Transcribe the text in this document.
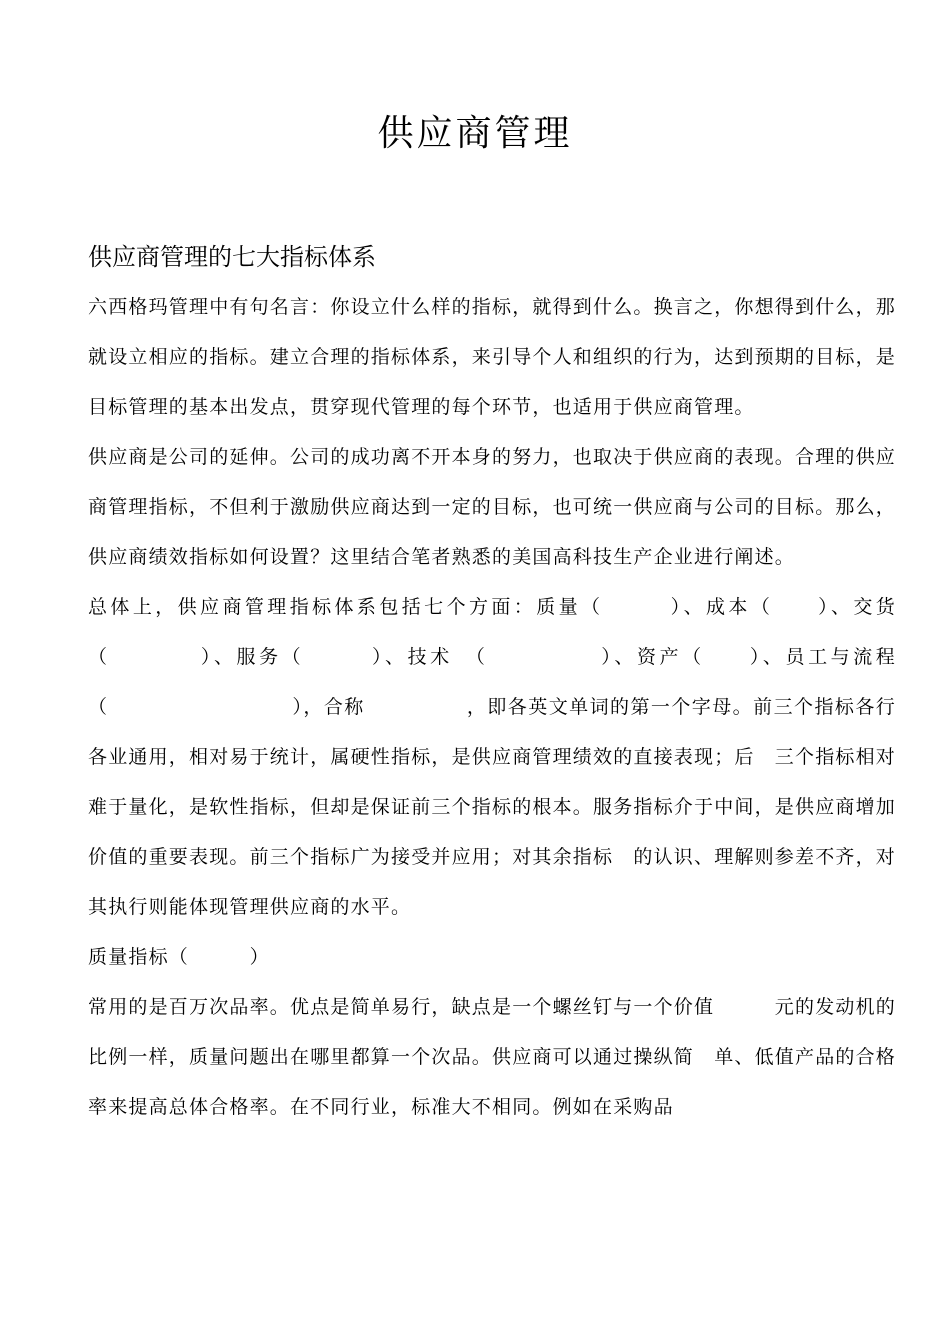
供应商管理
供应商管理的七大指标体系

六西格玛管理中有句名言：你设立什么样的指标，就得到什么。换言之，你想得到什么，那就设立相应的指标。建立合理的指标体系，来引导个人和组织的行为，达到预期的目标，是目标管理的基本出发点，贯穿现代管理的每个环节，也适用于供应商管理。

供应商是公司的延伸。公司的成功离不开本身的努力，也取决于供应商的表现。合理的供应商管理指标，不但利于激励供应商达到一定的目标，也可统一供应商与公司的目标。那么，供应商绩效指标如何设置？这里结合笔者熟悉的美国高科技生产企业进行阐述。

总体上，供应商管理指标体系包括七个方面：质量（　　　）、成本（　　）、交货（　　　　）、服务（　　　）、技术　（　　　　　）、资产（　　）、员工与流程（　　　　　　　　　），合称　　　　　，即各英文单词的第一个字母。前三个指标各行各业通用，相对易于统计，属硬性指标，是供应商管理绩效的直接表现；后　三个指标相对难于量化，是软性指标，但却是保证前三个指标的根本。服务指标介于中间，是供应商增加价值的重要表现。前三个指标广为接受并应用；对其余指标　的认识、理解则参差不齐，对其执行则能体现管理供应商的水平。

质量指标（　　　）

常用的是百万次品率。优点是简单易行，缺点是一个螺丝钉与一个价值　　　元的发动机的比例一样，质量问题出在哪里都算一个次品。供应商可以通过操纵简　单、低值产品的合格率来提高总体合格率。在不同行业，标准大不相同。例如在采购品
